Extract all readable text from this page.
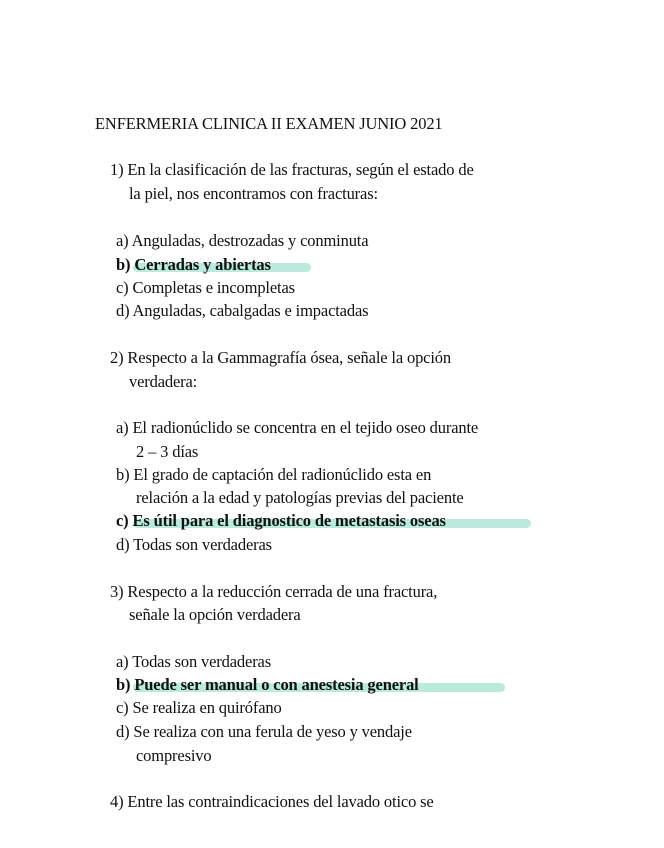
ENFERMERIA CLINICA II EXAMEN JUNIO 2021
1) En la clasificación de las fracturas, según el estado de
la piel, nos encontramos con fracturas:
a) Anguladas, destrozadas y conminuta
b) Cerradas y abiertas
c) Completas e incompletas
d) Anguladas, cabalgadas e impactadas
2) Respecto a la Gammagrafía ósea, señale la opción
verdadera:
a) El radionúclido se concentra en el tejido oseo durante
2 – 3 días
b) El grado de captación del radionúclido esta en
relación a la edad y patologías previas del paciente
c) Es útil para el diagnostico de metastasis oseas
d) Todas son verdaderas
3) Respecto a la reducción cerrada de una fractura,
señale la opción verdadera
a) Todas son verdaderas
b) Puede ser manual o con anestesia general
c) Se realiza en quirófano
d) Se realiza con una ferula de yeso y vendaje
compresivo
4) Entre las contraindicaciones del lavado otico se
